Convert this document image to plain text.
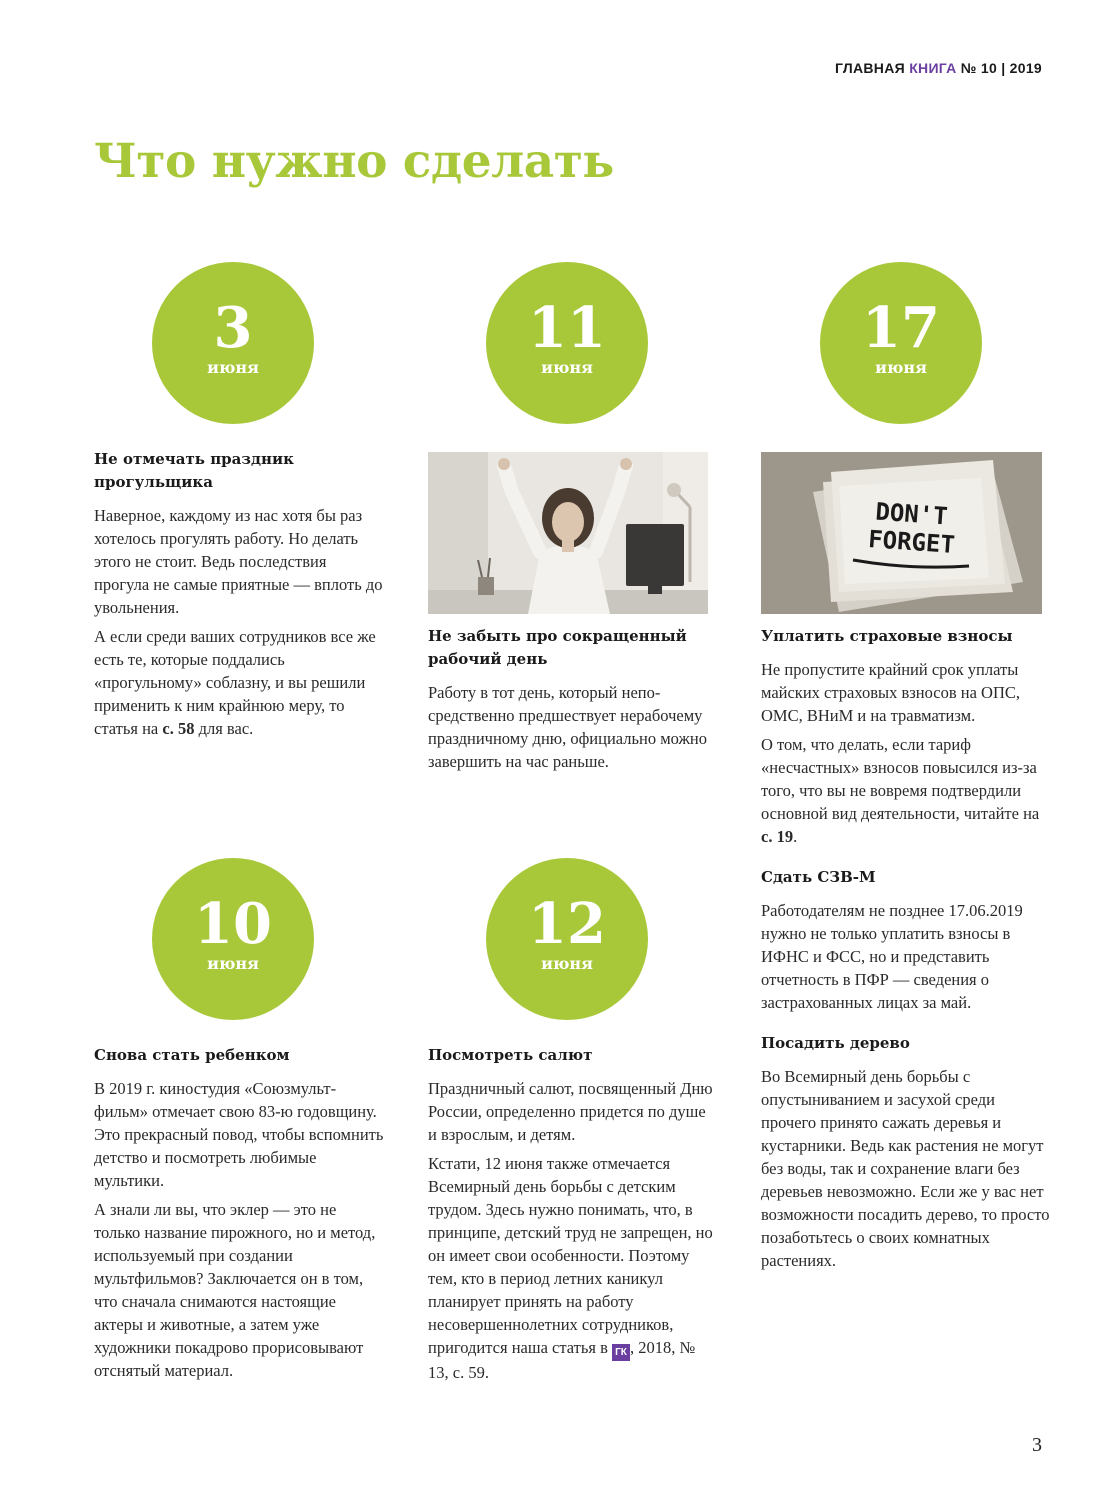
ГЛАВНАЯ КНИГА № 10 | 2019
Что нужно сделать
3
июня
11
июня
17
июня
10
июня
12
июня
Не отмечать праздник прогульщика

Наверное, каждому из нас хотя бы раз хотелось прогулять работу. Но делать этого не стоит. Ведь последствия прогула не самые приятные — вплоть до увольнения.

А если среди ваших сотрудников все же есть те, которые поддались «прогульному» соблазну, и вы решили применить к ним крайнюю меру, то статья на с. 58 для вас.

Не забыть про сокращенный рабочий день

Работу в тот день, который непосредственно предшествует нерабочему праздничному дню, официально можно завершить на час раньше.

DON'T
FORGET
Уплатить страховые взносы

Не пропустите крайний срок уплаты майских страховых взносов на ОПС, ОМС, ВНиМ и на травматизм.

О том, что делать, если тариф «несчастных» взносов повысился из-за того, что вы не вовремя подтвердили основной вид деятельности, читайте на с. 19.

Сдать СЗВ-М

Работодателям не позднее 17.06.2019 нужно не только уплатить взносы в ИФНС и ФСС, но и представить отчетность в ПФР — сведения о застрахованных лицах за май.

Посадить дерево

Во Всемирный день борьбы с опустыниванием и засухой среди прочего принято сажать деревья и кустарники. Ведь как растения не могут без воды, так и сохранение влаги без деревьев невозможно. Если же у вас нет возможности посадить дерево, то просто позаботьтесь о своих комнатных растениях.

Снова стать ребенком

В 2019 г. киностудия «Союзмультфильм» отмечает свою 83-ю годовщину. Это прекрасный повод, чтобы вспомнить детство и посмотреть любимые мультики.

А знали ли вы, что эклер — это не только название пирожного, но и метод, используемый при создании мультфильмов? Заключается он в том, что сначала снимаются настоящие актеры и животные, а затем уже художники покадрово прорисовывают отснятый материал.

Посмотреть салют

Праздничный салют, посвященный Дню России, определенно придется по душе и взрослым, и детям.

Кстати, 12 июня также отмечается Всемирный день борьбы с детским трудом. Здесь нужно понимать, что, в принципе, детский труд не запрещен, но он имеет свои особенности. Поэтому тем, кто в период летних каникул планирует принять на работу несовершеннолетних сотрудников, пригодится наша статья в ГК , 2018, № 13, с. 59.

3
